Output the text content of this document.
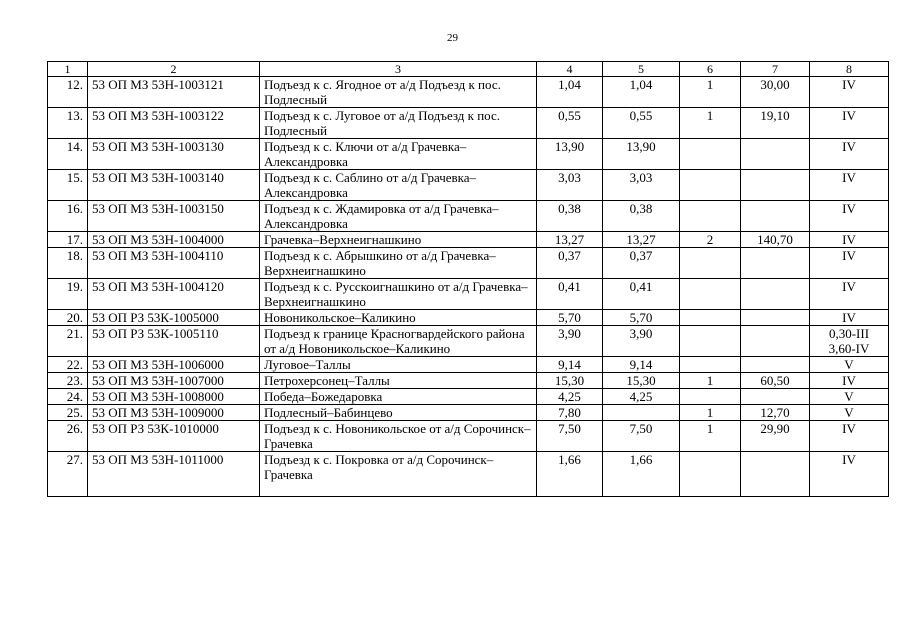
29
1	2	3	4	5	6	7	8
12.	53 ОП МЗ 53Н-1003121	Подъезд к с. Ягодное от а/д Подъезд к пос. Подлесный	1,04	1,04	1	30,00	IV
13.	53 ОП МЗ 53Н-1003122	Подъезд к с. Луговое от а/д Подъезд к пос. Подлесный	0,55	0,55	1	19,10	IV
14.	53 ОП МЗ 53Н-1003130	Подъезд к с. Ключи от а/д Грачевка–Александровка	13,90	13,90			IV
15.	53 ОП МЗ 53Н-1003140	Подъезд к с. Саблино от а/д Грачевка–Александровка	3,03	3,03			IV
16.	53 ОП МЗ 53Н-1003150	Подъезд к с. Ждамировка от а/д Грачевка–Александровка	0,38	0,38			IV
17.	53 ОП МЗ 53Н-1004000	Грачевка–Верхнеигнашкино	13,27	13,27	2	140,70	IV
18.	53 ОП МЗ 53Н-1004110	Подъезд к с. Абрышкино от а/д Грачевка–Верхнеигнашкино	0,37	0,37			IV
19.	53 ОП МЗ 53Н-1004120	Подъезд к с. Русскоигнашкино от а/д Грачевка–Верхнеигнашкино	0,41	0,41			IV
20.	53 ОП РЗ 53К-1005000	Новоникольское–Каликино	5,70	5,70			IV
21.	53 ОП РЗ 53К-1005110	Подъезд к границе Красногвардейского района от а/д Новоникольское–Каликино	3,90	3,90			0,30-III 3,60-IV
22.	53 ОП МЗ 53Н-1006000	Луговое–Таллы	9,14	9,14			V
23.	53 ОП МЗ 53Н-1007000	Петрохерсонец–Таллы	15,30	15,30	1	60,50	IV
24.	53 ОП МЗ 53Н-1008000	Победа–Божедаровка	4,25	4,25			V
25.	53 ОП МЗ 53Н-1009000	Подлесный–Бабинцево	7,80		1	12,70	V
26.	53 ОП РЗ 53К-1010000	Подъезд к с. Новоникольское от а/д Сорочинск–Грачевка	7,50	7,50	1	29,90	IV
27.	53 ОП МЗ 53Н-1011000	Подъезд к с. Покровка от а/д Сорочинск–Грачевка	1,66	1,66			IV
